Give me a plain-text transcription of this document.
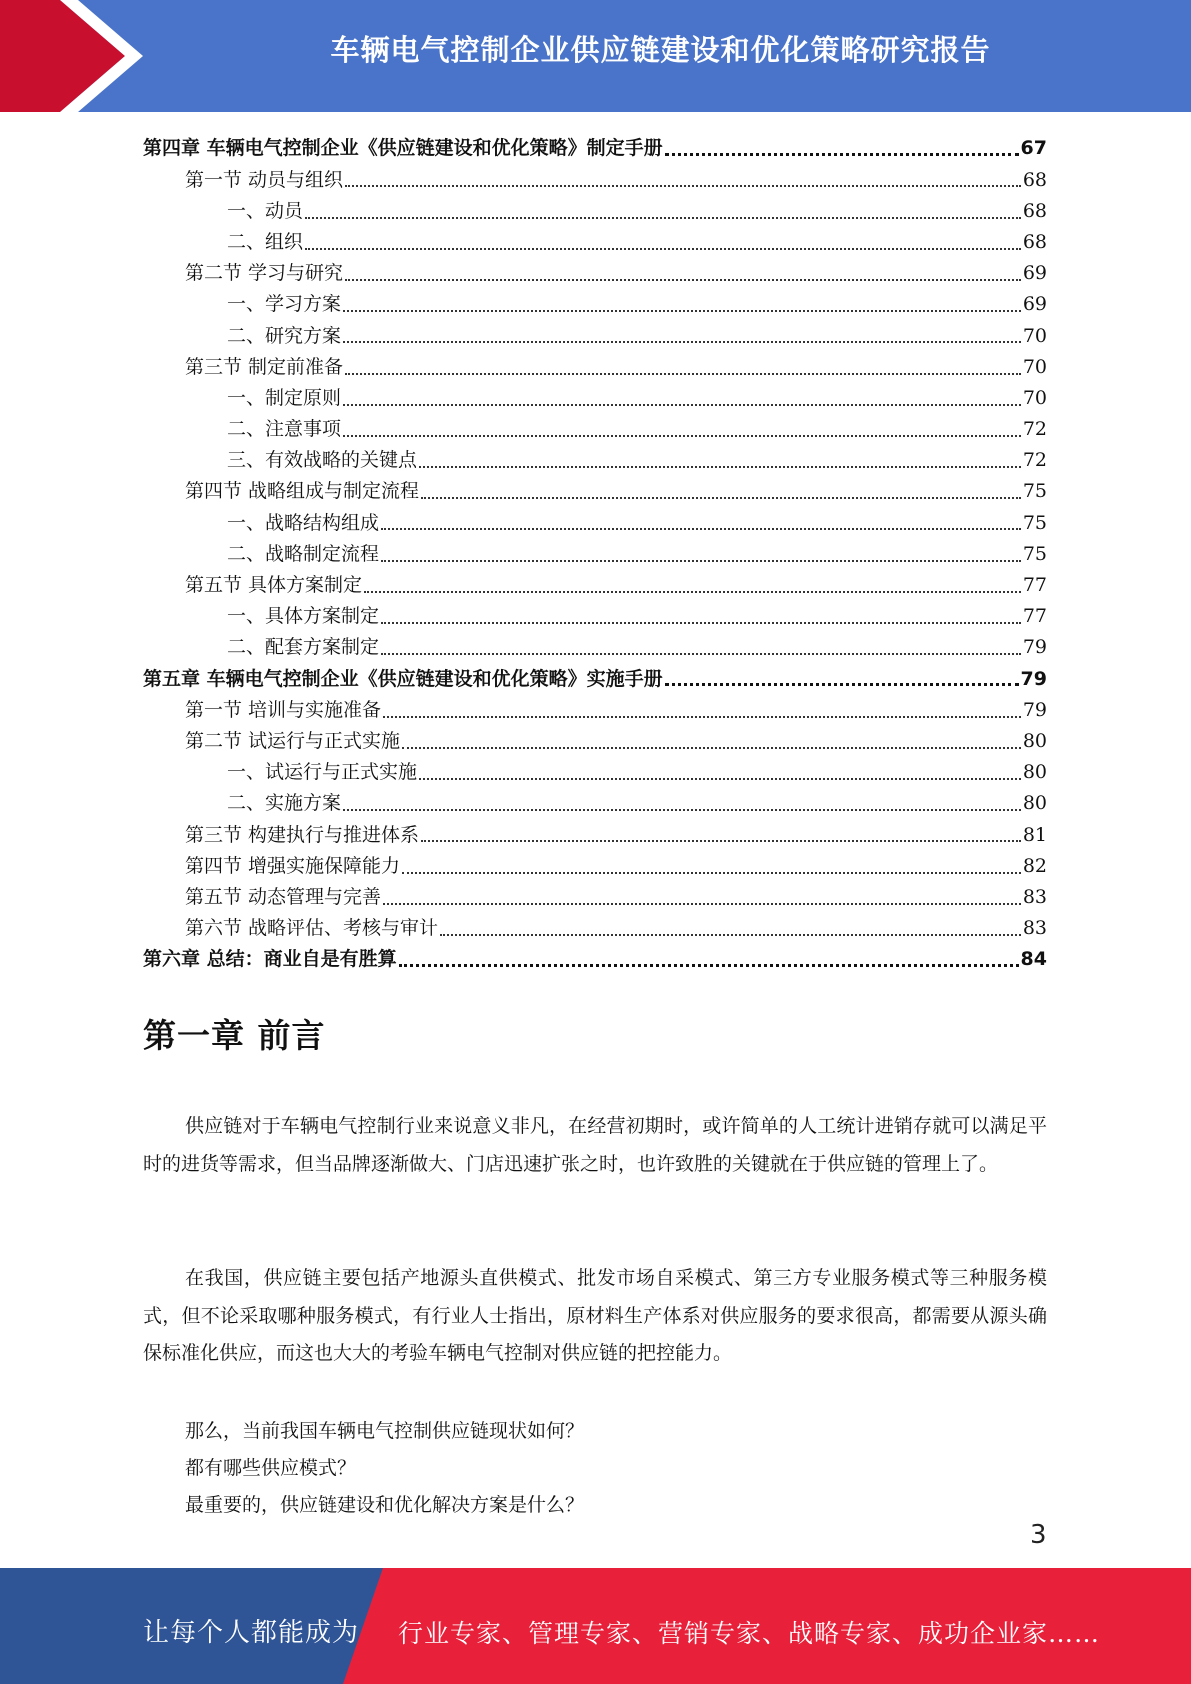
车辆电气控制企业供应链建设和优化策略研究报告
第四章 车辆电气控制企业《供应链建设和优化策略》制定手册	67
第一节 动员与组织	68
一、动员	68
二、组织	68
第二节 学习与研究	69
一、学习方案	69
二、研究方案	70
第三节 制定前准备	70
一、制定原则	70
二、注意事项	72
三、有效战略的关键点	72
第四节 战略组成与制定流程	75
一、战略结构组成	75
二、战略制定流程	75
第五节 具体方案制定	77
一、具体方案制定	77
二、配套方案制定	79
第五章 车辆电气控制企业《供应链建设和优化策略》实施手册	79
第一节 培训与实施准备	79
第二节 试运行与正式实施	80
一、试运行与正式实施	80
二、实施方案	80
第三节 构建执行与推进体系	81
第四节 增强实施保障能力	82
第五节 动态管理与完善	83
第六节 战略评估、考核与审计	83
第六章 总结：商业自是有胜算	84
第一章 前言
供应链对于车辆电气控制行业来说意义非凡，在经营初期时，或许简单的人工统计进销存就可以满足平时的进货等需求，但当品牌逐渐做大、门店迅速扩张之时，也许致胜的关键就在于供应链的管理上了。
在我国，供应链主要包括产地源头直供模式、批发市场自采模式、第三方专业服务模式等三种服务模式，但不论采取哪种服务模式，有行业人士指出，原材料生产体系对供应服务的要求很高，都需要从源头确保标准化供应，而这也大大的考验车辆电气控制对供应链的把控能力。
那么，当前我国车辆电气控制供应链现状如何？
都有哪些供应模式？
最重要的，供应链建设和优化解决方案是什么？
3
让每个人都能成为 行业专家、管理专家、营销专家、战略专家、成功企业家……
